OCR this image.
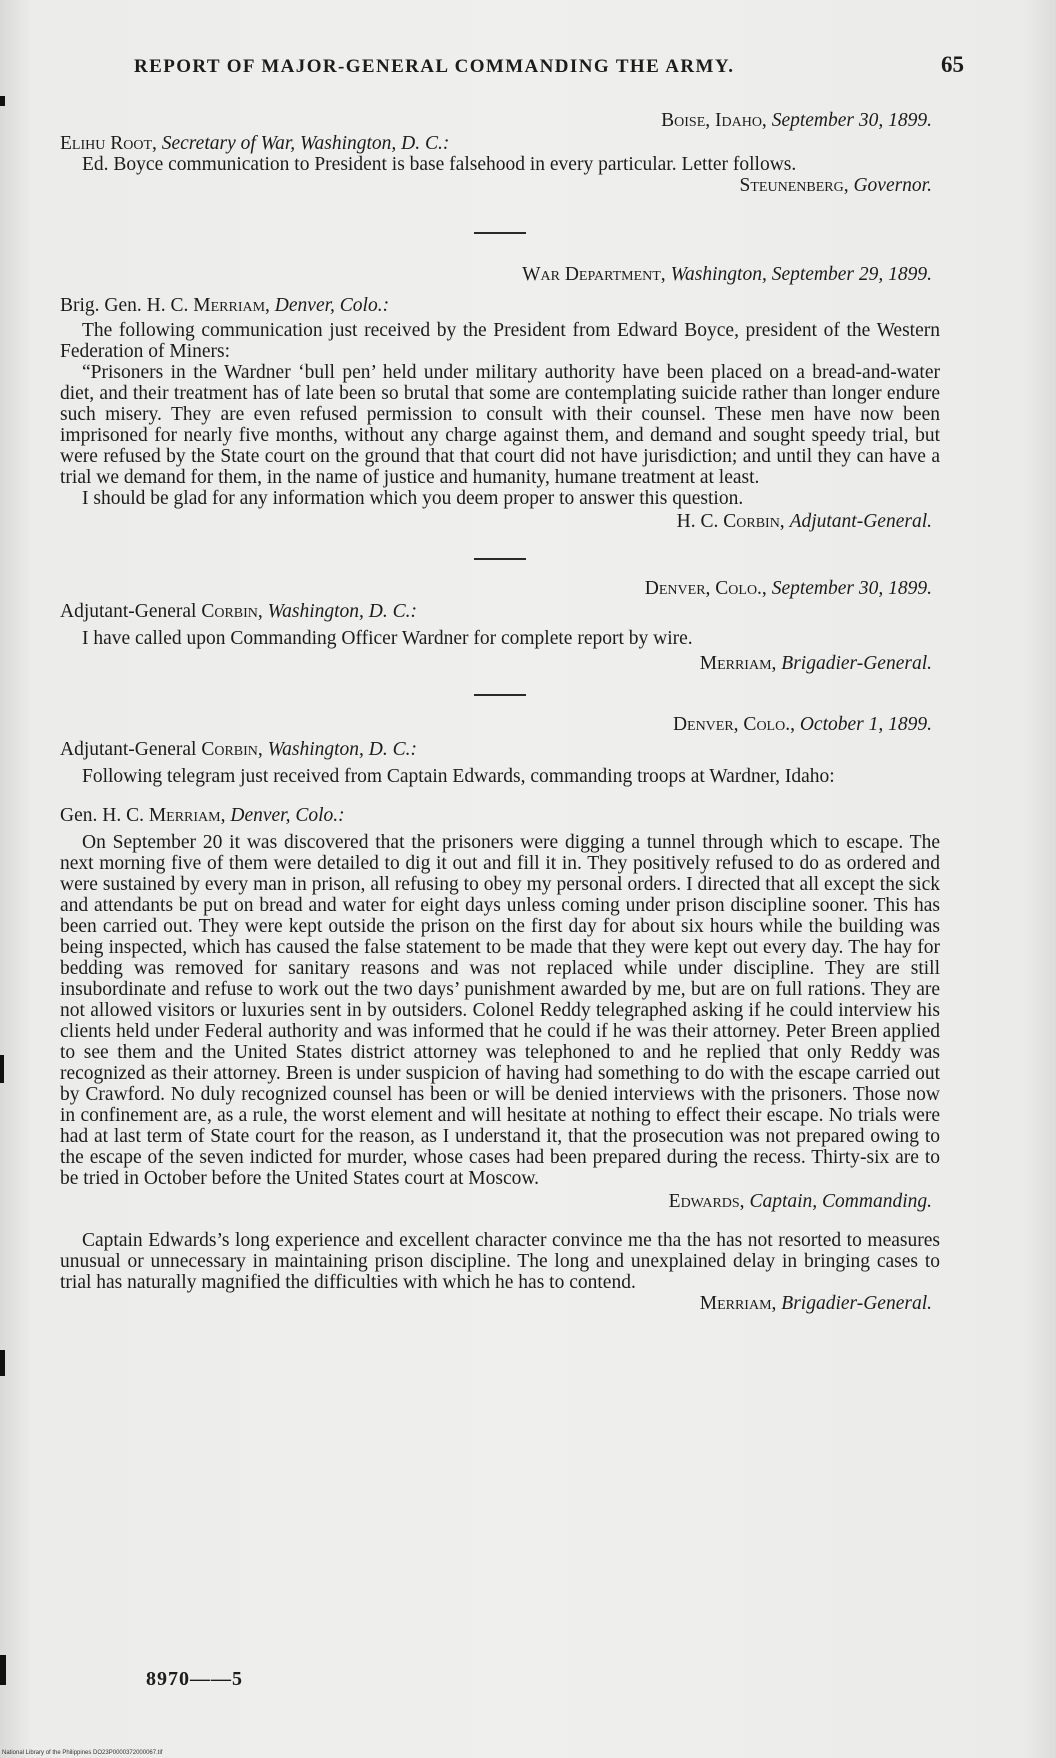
REPORT OF MAJOR-GENERAL COMMANDING THE ARMY.	65

Boise, Idaho, September 30, 1899.

Elihu Root, Secretary of War, Washington, D. C.:

Ed. Boyce communication to President is base falsehood in every particular. Letter follows.

Steunenberg, Governor.

War Department, Washington, September 29, 1899.

Brig. Gen. H. C. Merriam, Denver, Colo.:

The following communication just received by the President from Edward Boyce, president of the Western Federation of Miners:

“Prisoners in the Wardner ‘bull pen’ held under military authority have been placed on a bread-and-water diet, and their treatment has of late been so brutal that some are contemplating suicide rather than longer endure such misery. They are even refused permission to consult with their counsel. These men have now been imprisoned for nearly five months, without any charge against them, and demand and sought speedy trial, but were refused by the State court on the ground that that court did not have jurisdiction; and until they can have a trial we demand for them, in the name of justice and humanity, humane treatment at least.

I should be glad for any information which you deem proper to answer this question.

H. C. Corbin, Adjutant-General.

Denver, Colo., September 30, 1899.

Adjutant-General Corbin, Washington, D. C.:

I have called upon Commanding Officer Wardner for complete report by wire.

Merriam, Brigadier-General.

Denver, Colo., October 1, 1899.

Adjutant-General Corbin, Washington, D. C.:

Following telegram just received from Captain Edwards, commanding troops at Wardner, Idaho:

Gen. H. C. Merriam, Denver, Colo.:

On September 20 it was discovered that the prisoners were digging a tunnel through which to escape. The next morning five of them were detailed to dig it out and fill it in. They positively refused to do as ordered and were sustained by every man in prison, all refusing to obey my personal orders. I directed that all except the sick and attendants be put on bread and water for eight days unless coming under prison discipline sooner. This has been carried out. They were kept outside the prison on the first day for about six hours while the building was being inspected, which has caused the false statement to be made that they were kept out every day. The hay for bedding was removed for sanitary reasons and was not replaced while under discipline. They are still insubordinate and refuse to work out the two days’ punishment awarded by me, but are on full rations. They are not allowed visitors or luxuries sent in by outsiders. Colonel Reddy telegraphed asking if he could interview his clients held under Federal authority and was informed that he could if he was their attorney. Peter Breen applied to see them and the United States district attorney was telephoned to and he replied that only Reddy was recognized as their attorney. Breen is under suspicion of having had something to do with the escape carried out by Crawford. No duly recognized counsel has been or will be denied interviews with the prisoners. Those now in confinement are, as a rule, the worst element and will hesitate at nothing to effect their escape. No trials were had at last term of State court for the reason, as I understand it, that the prosecution was not prepared owing to the escape of the seven indicted for murder, whose cases had been prepared during the recess. Thirty-six are to be tried in October before the United States court at Moscow.

Edwards, Captain, Commanding.

Captain Edwards’s long experience and excellent character convince me tha the has not resorted to measures unusual or unnecessary in maintaining prison discipline. The long and unexplained delay in bringing cases to trial has naturally magnified the difficulties with which he has to contend.

Merriam, Brigadier-General.

8970——5
National Library of the Philippines DO23P0000372000067.tif
